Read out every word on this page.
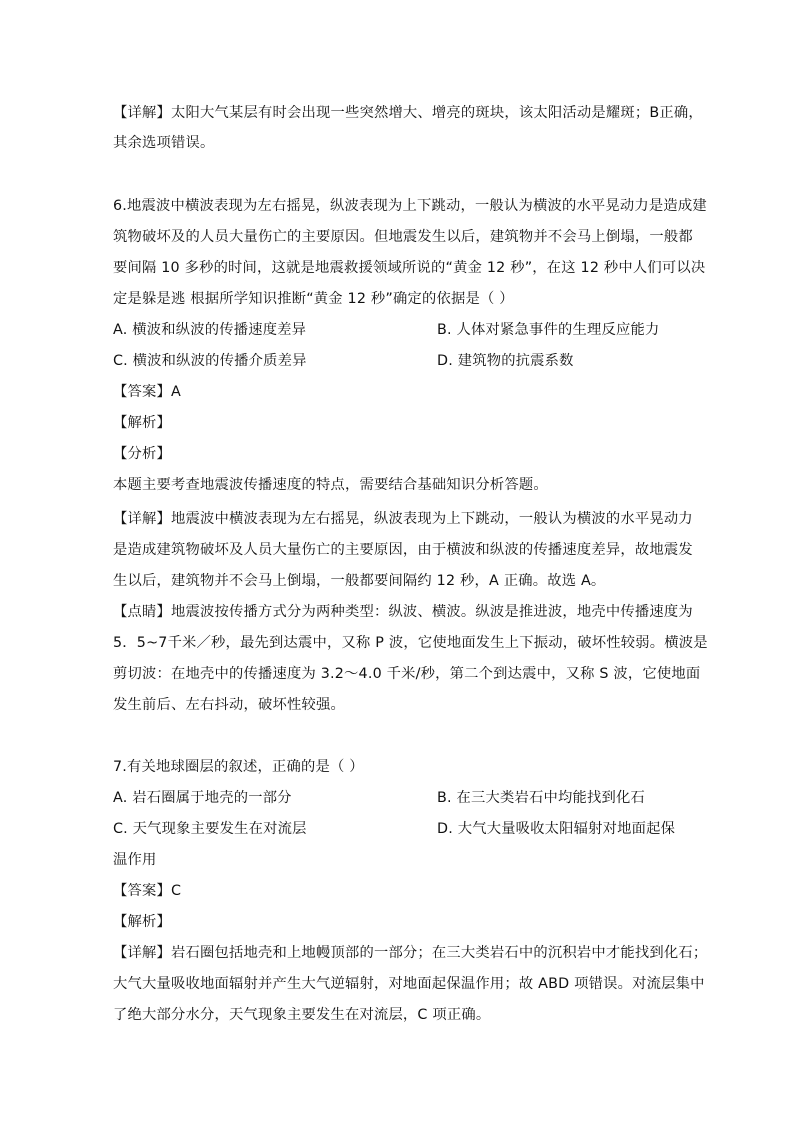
【详解】太阳大气某层有时会出现一些突然增大、增亮的斑块，该太阳活动是耀斑；B正确，
其余选项错误。
6.地震波中横波表现为左右摇晃，纵波表现为上下跳动，一般认为横波的水平晃动力是造成建
筑物破坏及的人员大量伤亡的主要原因。但地震发生以后，建筑物并不会马上倒塌，一般都
要间隔 10 多秒的时间，这就是地震救援领域所说的“黄金 12 秒”，在这 12 秒中人们可以决
定是躲是逃 根据所学知识推断“黄金 12 秒”确定的依据是（ ）
A. 横波和纵波的传播速度差异	B. 人体对紧急事件的生理反应能力
C. 横波和纵波的传播介质差异	D. 建筑物的抗震系数
【答案】A
【解析】
【分析】
本题主要考查地震波传播速度的特点，需要结合基础知识分析答题。
【详解】地震波中横波表现为左右摇晃，纵波表现为上下跳动，一般认为横波的水平晃动力
是造成建筑物破坏及人员大量伤亡的主要原因，由于横波和纵波的传播速度差异，故地震发
生以后，建筑物并不会马上倒塌，一般都要间隔约 12 秒，A 正确。故选 A。
【点睛】地震波按传播方式分为两种类型：纵波、横波。纵波是推进波，地壳中传播速度为
5．5~7千米／秒，最先到达震中，又称 P 波，它使地面发生上下振动，破坏性较弱。横波是
剪切波：在地壳中的传播速度为 3.2～4.0 千米/秒，第二个到达震中，又称 S 波，它使地面
发生前后、左右抖动，破坏性较强。
7.有关地球圈层的叙述，正确的是（ ）
A. 岩石圈属于地壳的一部分	B. 在三大类岩石中均能找到化石
C. 天气现象主要发生在对流层	D. 大气大量吸收太阳辐射对地面起保
温作用
【答案】C
【解析】
【详解】岩石圈包括地壳和上地幔顶部的一部分；在三大类岩石中的沉积岩中才能找到化石；
大气大量吸收地面辐射并产生大气逆辐射，对地面起保温作用；故 ABD 项错误。对流层集中
了绝大部分水分，天气现象主要发生在对流层，C 项正确。
